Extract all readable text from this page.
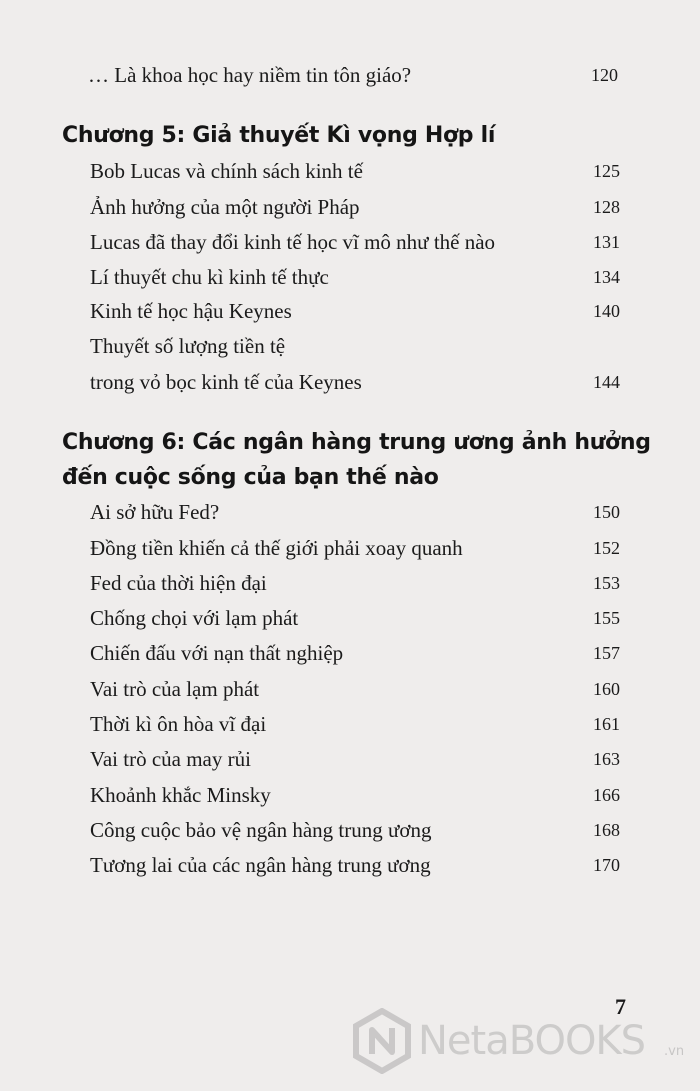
… Là khoa học hay niềm tin tôn giáo?	120
Chương 5: Giả thuyết Kì vọng Hợp lí
Bob Lucas và chính sách kinh tế	125
Ảnh hưởng của một người Pháp	128
Lucas đã thay đổi kinh tế học vĩ mô như thế nào	131
Lí thuyết chu kì kinh tế thực	134
Kinh tế học hậu Keynes	140
Thuyết số lượng tiền tệ
trong vỏ bọc kinh tế của Keynes	144
Chương 6: Các ngân hàng trung ương ảnh hưởng
đến cuộc sống của bạn thế nào
Ai sở hữu Fed?	150
Đồng tiền khiến cả thế giới phải xoay quanh	152
Fed của thời hiện đại	153
Chống chọi với lạm phát	155
Chiến đấu với nạn thất nghiệp	157
Vai trò của lạm phát	160
Thời kì ôn hòa vĩ đại	161
Vai trò của may rủi	163
Khoảnh khắc Minsky	166
Công cuộc bảo vệ ngân hàng trung ương	168
Tương lai của các ngân hàng trung ương	170
7
NetaBOOKS .vn
